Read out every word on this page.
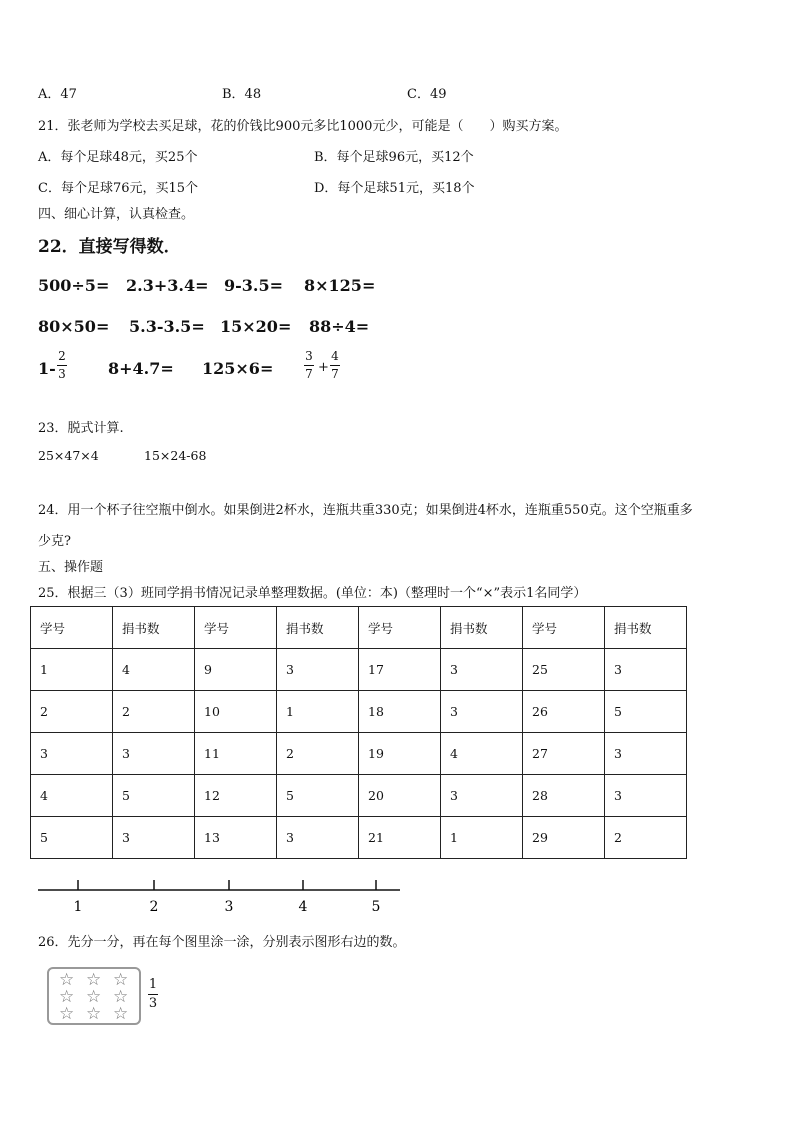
A．47	B．48	C．49
21．张老师为学校去买足球，花的价钱比900元多比1000元少，可能是（　　）购买方案。
A．每个足球48元，买25个	B．每个足球96元，买12个
C．每个足球76元，买15个	D．每个足球51元，买18个
四、细心计算，认真检查。
22．直接写得数．
500÷5= 2.3+3.4= 9-3.5= 8×125=
80×50= 5.3-3.5= 15×20= 88÷4=
1-
2
3	8+4.7= 125×6=
3
7 +
4
7
23．脱式计算.
25×47×4	15×24-68
24．用一个杯子往空瓶中倒水。如果倒进2杯水，连瓶共重330克；如果倒进4杯水，连瓶重550克。这个空瓶重多
少克?
五、操作题
25．根据三（3）班同学捐书情况记录单整理数据。(单位：本)（整理时一个“×”表示1名同学）
学号	捐书数	学号	捐书数	学号	捐书数	学号	捐书数
1	4	9	3	17	3	25	3
2	2	10	1	18	3	26	5
3	3	11	2	19	4	27	3
4	5	12	5	20	3	28	3
5	3	13	3	21	1	29	2
1	2	3	4	5
26．先分一分，再在每个图里涂一涂，分别表示图形右边的数。
☆ ☆ ☆
☆ ☆ ☆
☆ ☆ ☆
1
3
